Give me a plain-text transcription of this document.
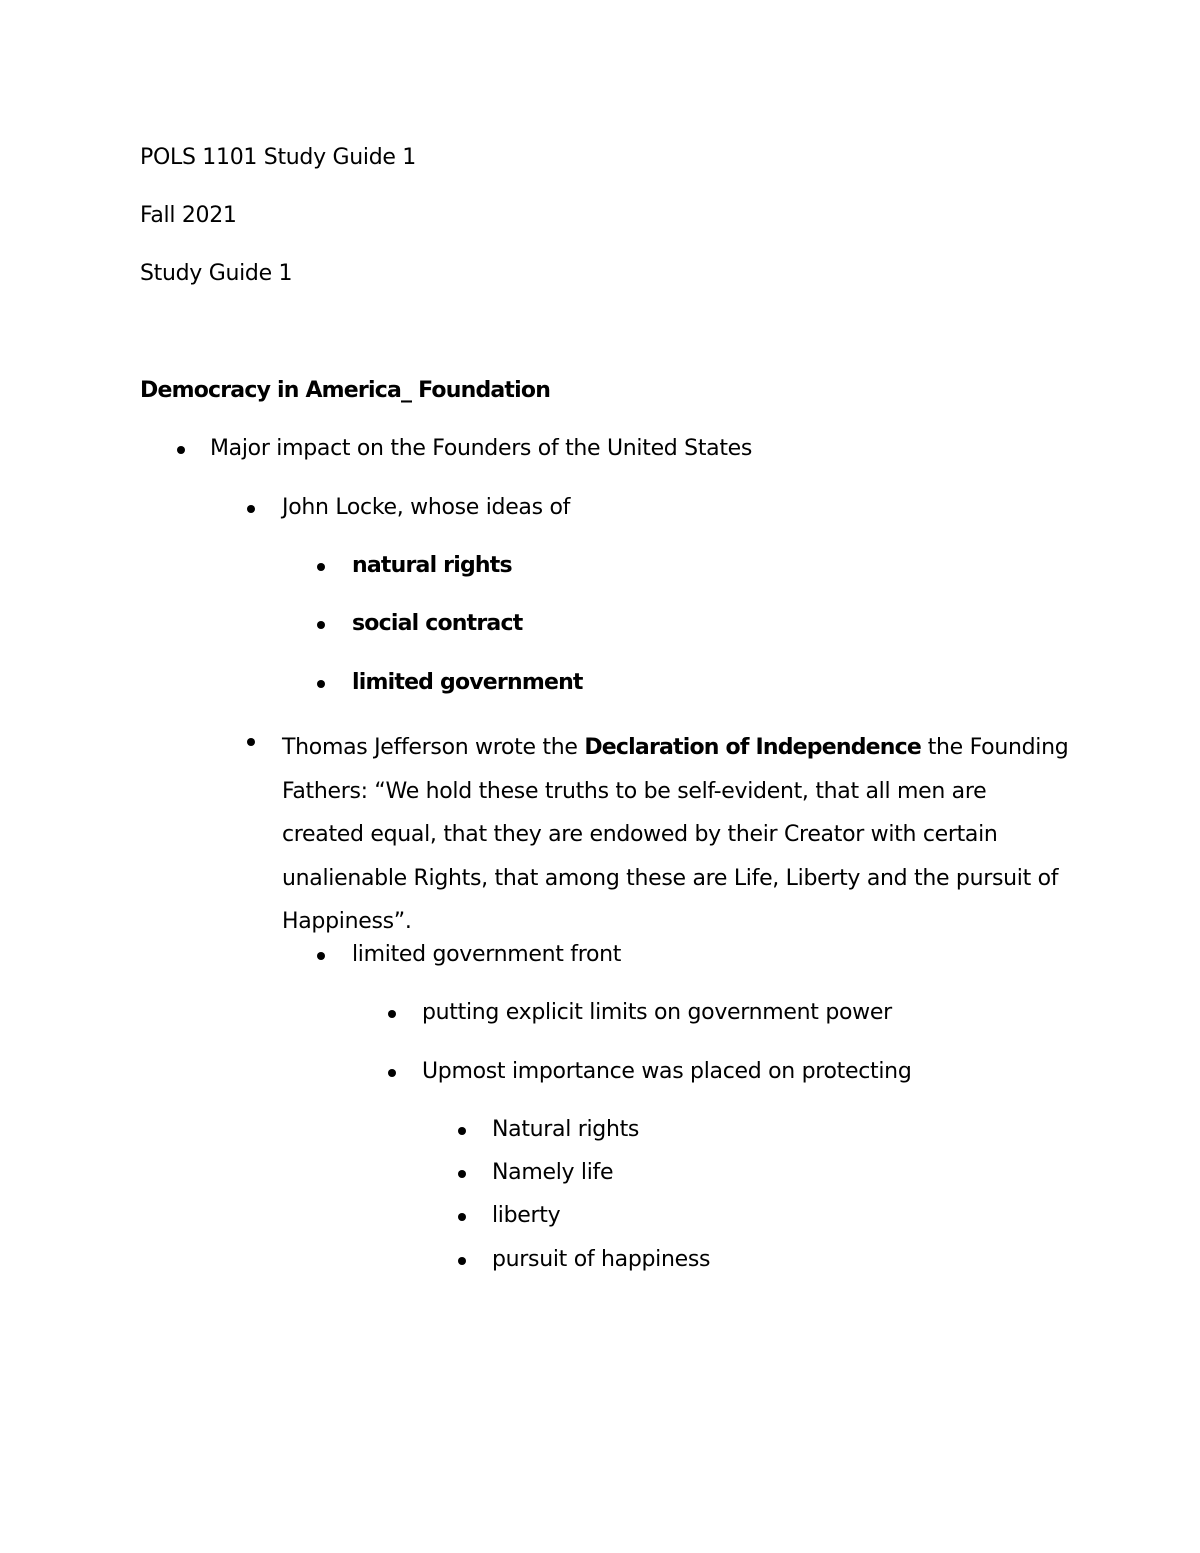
POLS 1101 Study Guide 1
Fall 2021
Study Guide 1
Democracy in America_ Foundation
Major impact on the Founders of the United States
John Locke, whose ideas of
natural rights
social contract
limited government
Thomas Jefferson wrote the Declaration of Independence the Founding Fathers: “We hold these truths to be self-evident, that all men are created equal, that they are endowed by their Creator with certain unalienable Rights, that among these are Life, Liberty and the pursuit of Happiness”.
limited government front
putting explicit limits on government power
Upmost importance was placed on protecting
Natural rights
Namely life
liberty
pursuit of happiness
